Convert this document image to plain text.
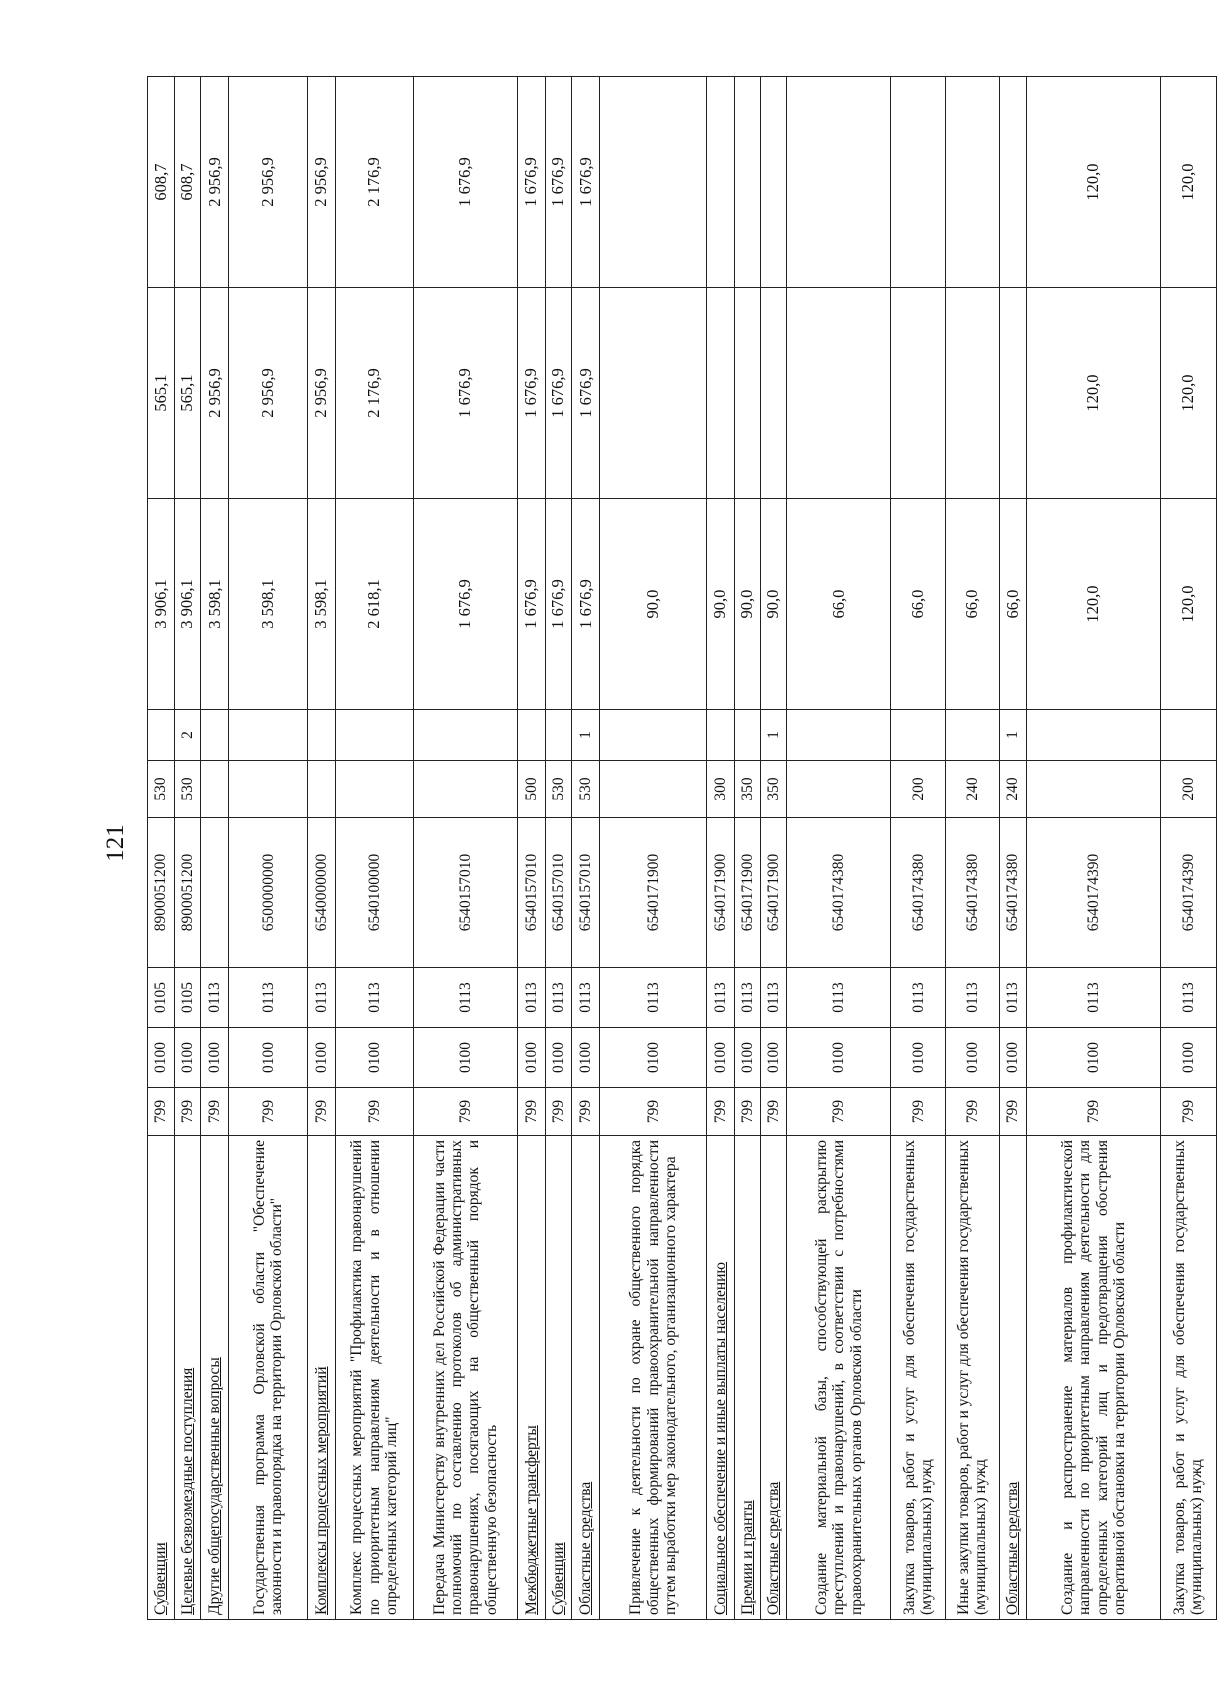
121
Субвенции	799	0100	0105	8900051200	530		3 906,1	565,1	608,7
Целевые безвозмездные поступления	799	0100	0105	8900051200	530	2	3 906,1	565,1	608,7
Другие общегосударственные вопросы	799	0100	0113				3 598,1	2 956,9	2 956,9
Государственная программа Орловской области "Обеспечение законности и правопорядка на территории Орловской области"	799	0100	0113	6500000000			3 598,1	2 956,9	2 956,9
Комплексы процессных мероприятий	799	0100	0113	6540000000			3 598,1	2 956,9	2 956,9
Комплекс процессных мероприятий "Профилактика правонарушений по приоритетным направлениям деятельности и в отношении определенных категорий лиц"	799	0100	0113	6540100000			2 618,1	2 176,9	2 176,9
Передача Министерству внутренних дел Российской Федерации части полномочий по составлению протоколов об административных правонарушениях, посягающих на общественный порядок и общественную безопасность	799	0100	0113	6540157010			1 676,9	1 676,9	1 676,9
Межбюджетные трансферты	799	0100	0113	6540157010	500		1 676,9	1 676,9	1 676,9
Субвенции	799	0100	0113	6540157010	530		1 676,9	1 676,9	1 676,9
Областные средства	799	0100	0113	6540157010	530	1	1 676,9	1 676,9	1 676,9
Привлечение к деятельности по охране общественного порядка общественных формирований правоохранительной направленности путем выработки мер законодательного, организационного характера	799	0100	0113	6540171900			90,0		
Социальное обеспечение и иные выплаты населению	799	0100	0113	6540171900	300		90,0		
Премии и гранты	799	0100	0113	6540171900	350		90,0		
Областные средства	799	0100	0113	6540171900	350	1	90,0		
Создание материальной базы, способствующей раскрытию преступлений и правонарушений, в соответствии с потребностями правоохранительных органов Орловской области	799	0100	0113	6540174380			66,0		
Закупка товаров, работ и услуг для обеспечения государственных (муниципальных) нужд	799	0100	0113	6540174380	200		66,0		
Иные закупки товаров, работ и услуг для обеспечения государственных (муниципальных) нужд	799	0100	0113	6540174380	240		66,0		
Областные средства	799	0100	0113	6540174380	240	1	66,0		
Создание и распространение материалов профилактической направленности по приоритетным направлениям деятельности для определенных категорий лиц и предотвращения обострения оперативной обстановки на территории Орловской области	799	0100	0113	6540174390			120,0	120,0	120,0
Закупка товаров, работ и услуг для обеспечения государственных (муниципальных) нужд	799	0100	0113	6540174390	200		120,0	120,0	120,0
